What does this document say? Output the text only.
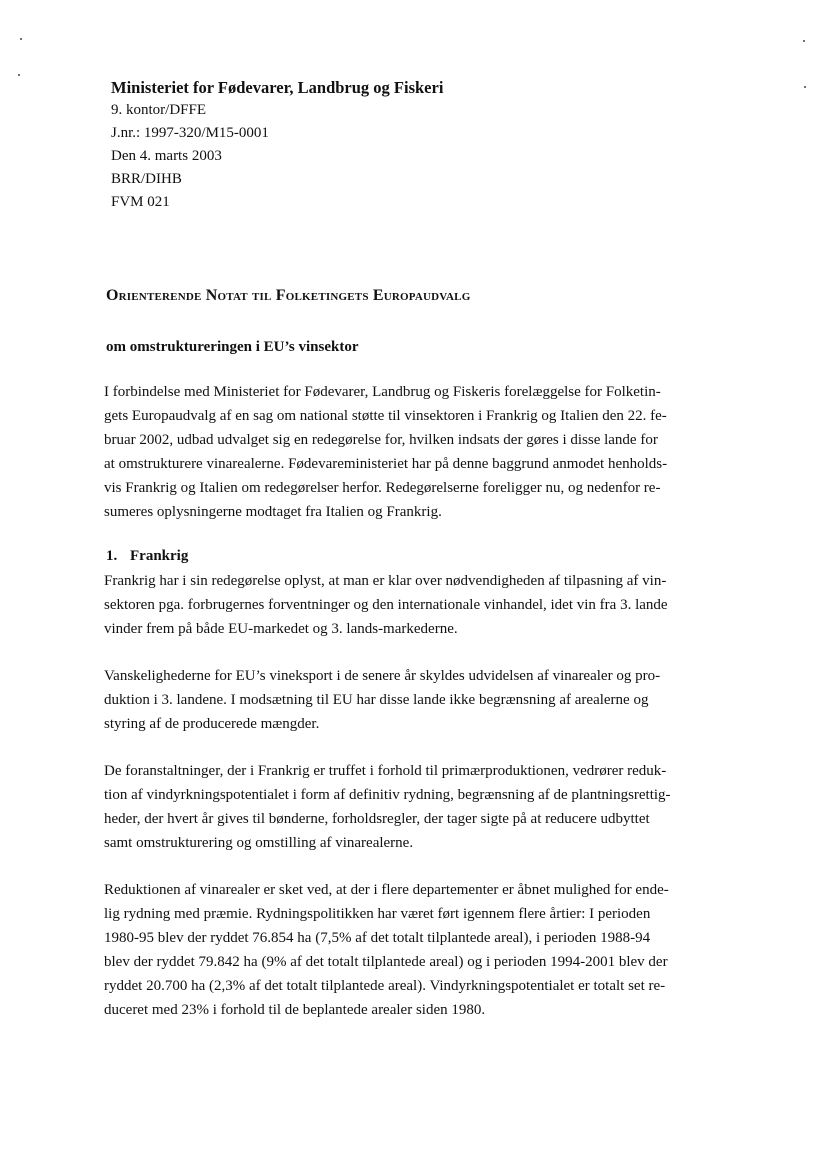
Ministeriet for Fødevarer, Landbrug og Fiskeri

9. kontor/DFFE

J.nr.: 1997-320/M15-0001

Den 4. marts 2003

BRR/DIHB

FVM 021

Orienterende Notat til Folketingets Europaudvalg
om omstruktureringen i EU’s vinsektor

I forbindelse med Ministeriet for Fødevarer, Landbrug og Fiskeris forelæggelse for Folketin-
gets Europaudvalg af en sag om national støtte til vinsektoren i Frankrig og Italien den 22. fe-
bruar 2002, udbad udvalget sig en redegørelse for, hvilken indsats der gøres i disse lande for
at omstrukturere vinarealerne. Fødevareministeriet har på denne baggrund anmodet henholds-
vis Frankrig og Italien om redegørelser herfor. Redegørelserne foreligger nu, og nedenfor re-
sumeres oplysningerne modtaget fra Italien og Frankrig.

1. Frankrig

Frankrig har i sin redegørelse oplyst, at man er klar over nødvendigheden af tilpasning af vin-
sektoren pga. forbrugernes forventninger og den internationale vinhandel, idet vin fra 3. lande
vinder frem på både EU-markedet og 3. lands-markederne.

Vanskelighederne for EU’s vineksport i de senere år skyldes udvidelsen af vinarealer og pro-
duktion i 3. landene. I modsætning til EU har disse lande ikke begrænsning af arealerne og
styring af de producerede mængder.

De foranstaltninger, der i Frankrig er truffet i forhold til primærproduktionen, vedrører reduk-
tion af vindyrkningspotentialet i form af definitiv rydning, begrænsning af de plantningsrettig-
heder, der hvert år gives til bønderne, forholdsregler, der tager sigte på at reducere udbyttet
samt omstrukturering og omstilling af vinarealerne.

Reduktionen af vinarealer er sket ved, at der i flere departementer er åbnet mulighed for ende-
lig rydning med præmie. Rydningspolitikken har været ført igennem flere årtier: I perioden
1980-95 blev der ryddet 76.854 ha (7,5% af det totalt tilplantede areal), i perioden 1988-94
blev der ryddet 79.842 ha (9% af det totalt tilplantede areal) og i perioden 1994-2001 blev der
ryddet 20.700 ha (2,3% af det totalt tilplantede areal). Vindyrkningspotentialet er totalt set re-
duceret med 23% i forhold til de beplantede arealer siden 1980.
